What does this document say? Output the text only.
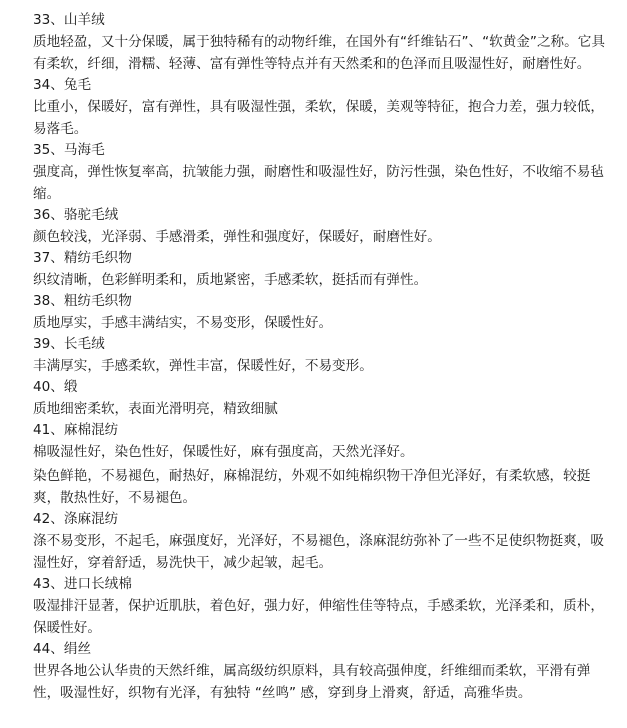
33、山羊绒

质地轻盈，又十分保暖，属于独特稀有的动物纤维，在国外有“纤维钻石”、“软黄金”之称。它具有柔软，纤细，滑糯、轻薄、富有弹性等特点并有天然柔和的色泽而且吸湿性好，耐磨性好。

34、兔毛

比重小，保暖好，富有弹性，具有吸湿性强，柔软，保暖，美观等特征，抱合力差，强力较低，易落毛。

35、马海毛

强度高，弹性恢复率高，抗皱能力强，耐磨性和吸湿性好，防污性强，染色性好，不收缩不易毡缩。

36、骆驼毛绒

颜色较浅，光泽弱、手感滑柔，弹性和强度好，保暖好，耐磨性好。

37、精纺毛织物

织纹清晰，色彩鲜明柔和，质地紧密，手感柔软，挺括而有弹性。

38、粗纺毛织物

质地厚实，手感丰满结实，不易变形，保暖性好。

39、长毛绒

丰满厚实，手感柔软，弹性丰富，保暖性好，不易变形。

40、缎

质地细密柔软，表面光滑明亮，精致细腻

41、麻棉混纺

棉吸湿性好，染色性好，保暖性好，麻有强度高，天然光泽好。

染色鲜艳，不易褪色，耐热好，麻棉混纺，外观不如纯棉织物干净但光泽好，有柔软感，较挺爽，散热性好，不易褪色。

42、涤麻混纺

涤不易变形，不起毛，麻强度好，光泽好，不易褪色，涤麻混纺弥补了一些不足使织物挺爽，吸湿性好，穿着舒适，易洗快干，减少起皱，起毛。

43、进口长绒棉

吸湿排汗显著，保护近肌肤，着色好，强力好，伸缩性佳等特点，手感柔软，光泽柔和，质朴，保暖性好。

44、绢丝

世界各地公认华贵的天然纤维，属高级纺织原料，具有较高强伸度，纤维细而柔软，平滑有弹性，吸湿性好，织物有光泽，有独特 “丝鸣” 感，穿到身上滑爽，舒适，高雅华贵。
